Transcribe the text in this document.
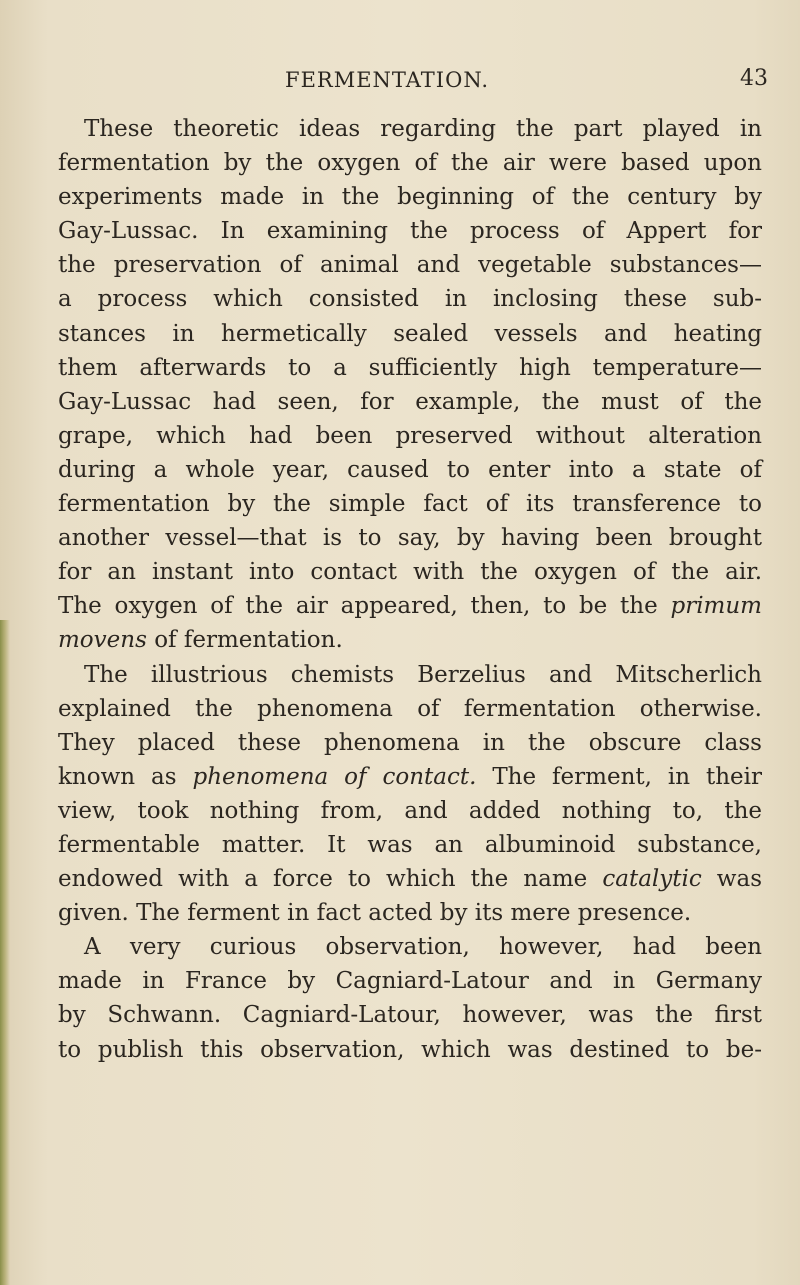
FERMENTATION.	43
These theoretic ideas regarding the part played in
fermentation by the oxygen of the air were based upon
experiments made in the beginning of the century by
Gay-Lussac. In examining the process of Appert for
the preservation of animal and vegetable substances—
a process which consisted in inclosing these sub-
stances in hermetically sealed vessels and heating
them afterwards to a sufficiently high temperature—
Gay-Lussac had seen, for example, the must of the
grape, which had been preserved without alteration
during a whole year, caused to enter into a state of
fermentation by the simple fact of its transference to
another vessel—that is to say, by having been brought
for an instant into contact with the oxygen of the air.
The oxygen of the air appeared, then, to be the primum
movens of fermentation.
The illustrious chemists Berzelius and Mitscherlich
explained the phenomena of fermentation otherwise.
They placed these phenomena in the obscure class
known as phenomena of contact. The ferment, in their
view, took nothing from, and added nothing to, the
fermentable matter. It was an albuminoid substance,
endowed with a force to which the name catalytic was
given. The ferment in fact acted by its mere presence.
A very curious observation, however, had been
made in France by Cagniard-Latour and in Germany
by Schwann. Cagniard-Latour, however, was the first
to publish this observation, which was destined to be-
